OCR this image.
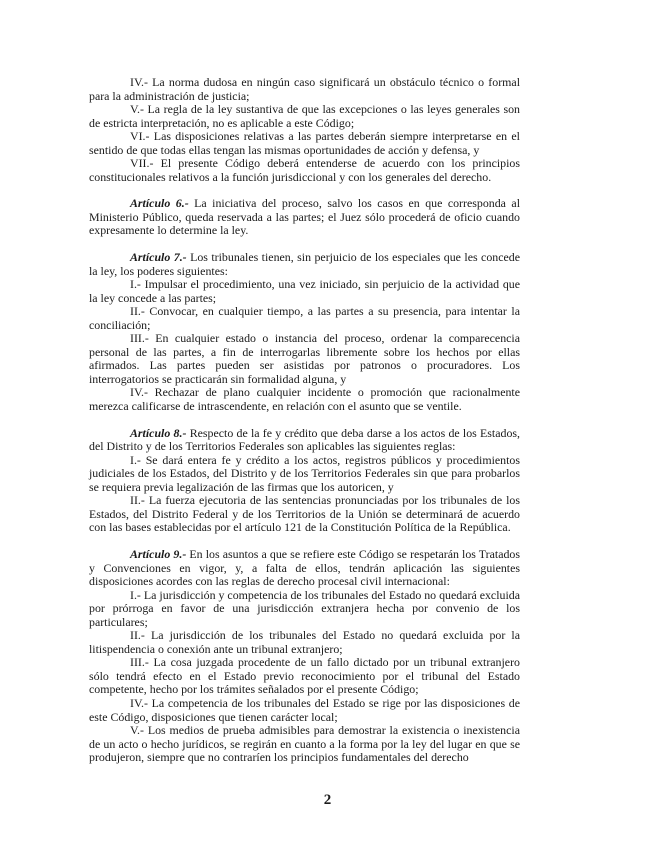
IV.- La norma dudosa en ningún caso significará un obstáculo técnico o formal para la administración de justicia;

V.- La regla de la ley sustantiva de que las excepciones o las leyes generales son de estricta interpretación, no es aplicable a este Código;

VI.- Las disposiciones relativas a las partes deberán siempre interpretarse en el sentido de que todas ellas tengan las mismas oportunidades de acción y defensa, y

VII.- El presente Código deberá entenderse de acuerdo con los principios constitucionales relativos a la función jurisdiccional y con los generales del derecho.

Artículo 6.- La iniciativa del proceso, salvo los casos en que corresponda al Ministerio Público, queda reservada a las partes; el Juez sólo procederá de oficio cuando expresamente lo determine la ley.

Artículo 7.- Los tribunales tienen, sin perjuicio de los especiales que les concede la ley, los poderes siguientes:

I.- Impulsar el procedimiento, una vez iniciado, sin perjuicio de la actividad que la ley concede a las partes;

II.- Convocar, en cualquier tiempo, a las partes a su presencia, para intentar la conciliación;

III.- En cualquier estado o instancia del proceso, ordenar la comparecencia personal de las partes, a fin de interrogarlas libremente sobre los hechos por ellas afirmados. Las partes pueden ser asistidas por patronos o procuradores. Los interrogatorios se practicarán sin formalidad alguna, y

IV.- Rechazar de plano cualquier incidente o promoción que racionalmente merezca calificarse de intrascendente, en relación con el asunto que se ventile.

Artículo 8.- Respecto de la fe y crédito que deba darse a los actos de los Estados, del Distrito y de los Territorios Federales son aplicables las siguientes reglas:

I.- Se dará entera fe y crédito a los actos, registros públicos y procedimientos judiciales de los Estados, del Distrito y de los Territorios Federales sin que para probarlos se requiera previa legalización de las firmas que los autoricen, y

II.- La fuerza ejecutoria de las sentencias pronunciadas por los tribunales de los Estados, del Distrito Federal y de los Territorios de la Unión se determinará de acuerdo con las bases establecidas por el artículo 121 de la Constitución Política de la República.

Artículo 9.- En los asuntos a que se refiere este Código se respetarán los Tratados y Convenciones en vigor, y, a falta de ellos, tendrán aplicación las siguientes disposiciones acordes con las reglas de derecho procesal civil internacional:

I.- La jurisdicción y competencia de los tribunales del Estado no quedará excluida por prórroga en favor de una jurisdicción extranjera hecha por convenio de los particulares;

II.- La jurisdicción de los tribunales del Estado no quedará excluida por la litispendencia o conexión ante un tribunal extranjero;

III.- La cosa juzgada procedente de un fallo dictado por un tribunal extranjero sólo tendrá efecto en el Estado previo reconocimiento por el tribunal del Estado competente, hecho por los trámites señalados por el presente Código;

IV.- La competencia de los tribunales del Estado se rige por las disposiciones de este Código, disposiciones que tienen carácter local;

V.- Los medios de prueba admisibles para demostrar la existencia o inexistencia de un acto o hecho jurídicos, se regirán en cuanto a la forma por la ley del lugar en que se produjeron, siempre que no contraríen los principios fundamentales del derecho

2
